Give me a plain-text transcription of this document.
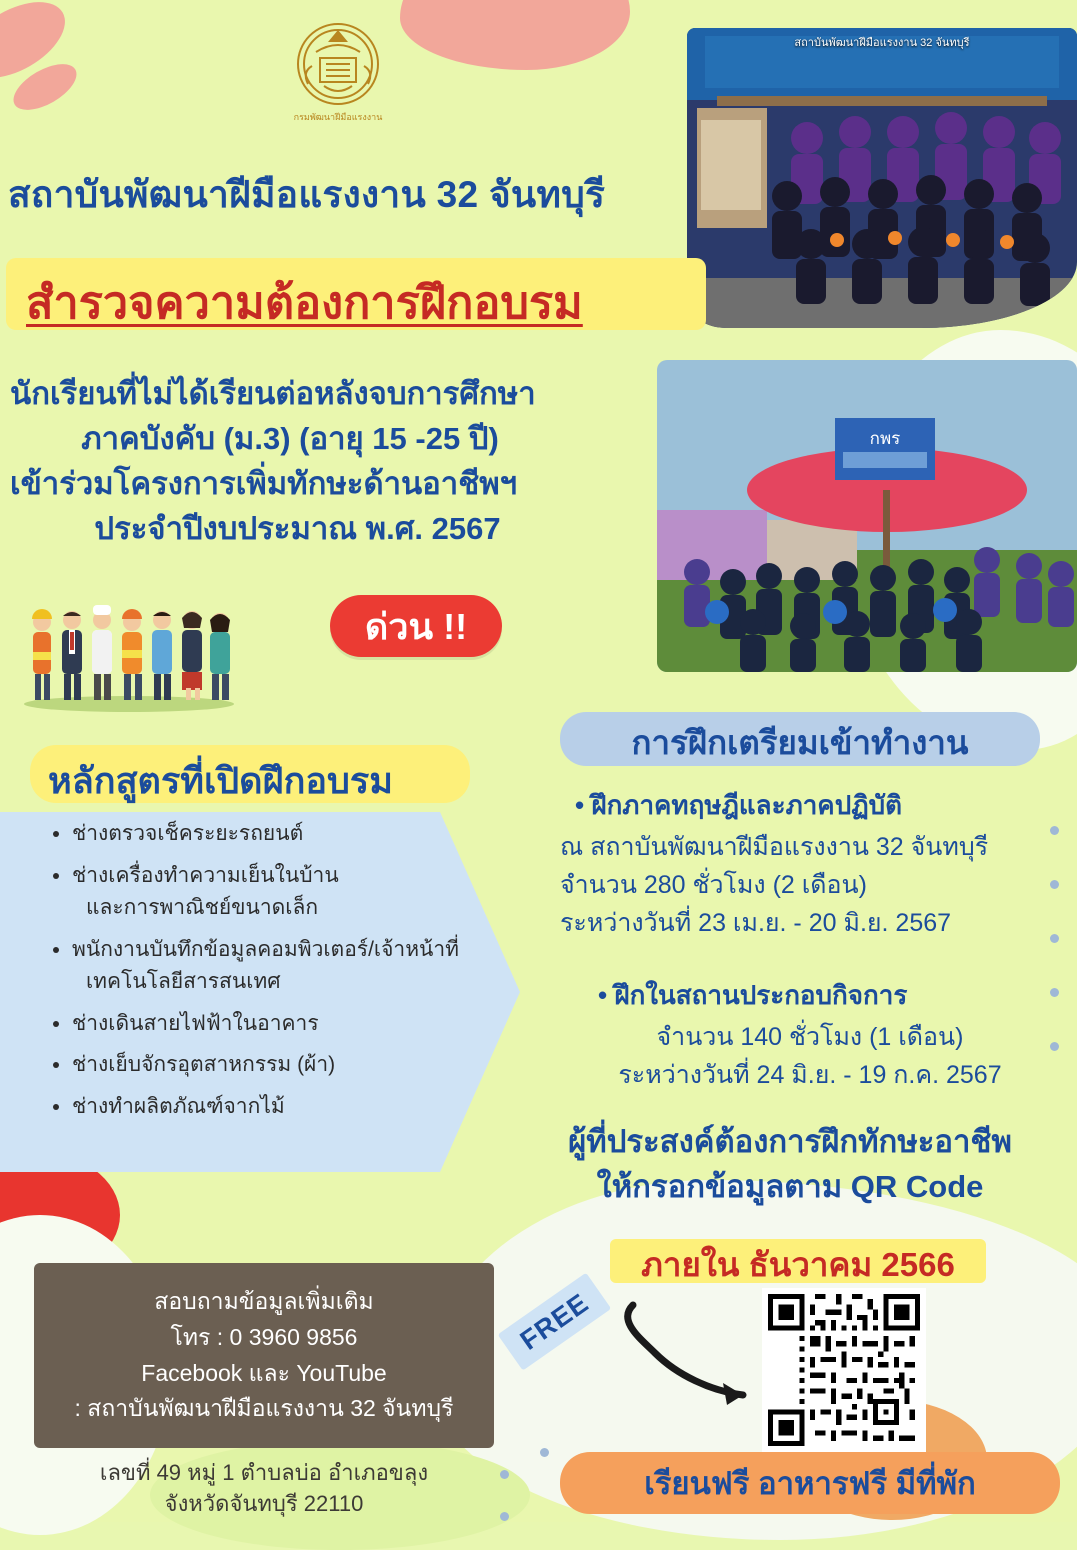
กรมพัฒนาฝีมือแรงงาน
สถาบันพัฒนาฝีมือแรงงาน 32 จันทบุรี
กพร
สถาบันพัฒนาฝีมือแรงงาน 32 จันทบุรี
สำรวจความต้องการฝึกอบรม
นักเรียนที่ไม่ได้เรียนต่อหลังจบการศึกษา
ภาคบังคับ (ม.3) (อายุ 15 -25 ปี)
เข้าร่วมโครงการเพิ่มทักษะด้านอาชีพฯ
ประจำปีงบประมาณ พ.ศ. 2567
ด่วน !!
หลักสูตรที่เปิดฝึกอบรม
• ช่างตรวจเช็คระยะรถยนต์
• ช่างเครื่องทำความเย็นในบ้าน
และการพาณิชย์ขนาดเล็ก
• พนักงานบันทึกข้อมูลคอมพิวเตอร์/เจ้าหน้าที่
เทคโนโลยีสารสนเทศ
• ช่างเดินสายไฟฟ้าในอาคาร
• ช่างเย็บจักรอุตสาหกรรม (ผ้า)
• ช่างทำผลิตภัณฑ์จากไม้
การฝึกเตรียมเข้าทำงาน
• ฝึกภาคทฤษฎีและภาคปฏิบัติ
ณ สถาบันพัฒนาฝีมือแรงงาน 32 จันทบุรี
จำนวน 280 ชั่วโมง (2 เดือน)
ระหว่างวันที่ 23 เม.ย. - 20 มิ.ย. 2567
• ฝึกในสถานประกอบกิจการ
จำนวน 140 ชั่วโมง (1 เดือน)
ระหว่างวันที่ 24 มิ.ย. - 19 ก.ค. 2567
ผู้ที่ประสงค์ต้องการฝึกทักษะอาชีพ
ให้กรอกข้อมูลตาม QR Code
ภายใน ธันวาคม 2566
FREE
สอบถามข้อมูลเพิ่มเติม
โทร : 0 3960 9856
Facebook และ YouTube
: สถาบันพัฒนาฝีมือแรงงาน 32 จันทบุรี
เลขที่ 49 หมู่ 1 ตำบลบ่อ อำเภอขลุง
จังหวัดจันทบุรี 22110
เรียนฟรี อาหารฟรี มีที่พัก
